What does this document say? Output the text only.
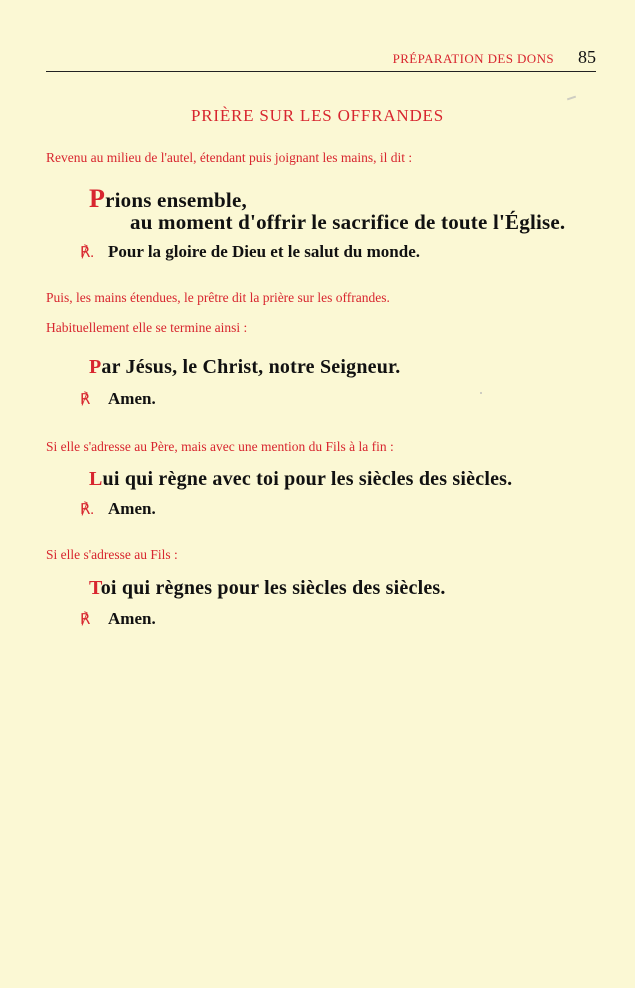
PRÉPARATION DES DONS 85
PRIÈRE SUR LES OFFRANDES
Revenu au milieu de l'autel, étendant puis joignant les mains, il dit :
Prions ensemble,
au moment d'offrir le sacrifice de toute l'Église.
℟. Pour la gloire de Dieu et le salut du monde.
Puis, les mains étendues, le prêtre dit la prière sur les offrandes.
Habituellement elle se termine ainsi :
Par Jésus, le Christ, notre Seigneur.
℟ Amen.
Si elle s'adresse au Père, mais avec une mention du Fils à la fin :
Lui qui règne avec toi pour les siècles des siècles.
℟. Amen.
Si elle s'adresse au Fils :
Toi qui règnes pour les siècles des siècles.
℟ Amen.
